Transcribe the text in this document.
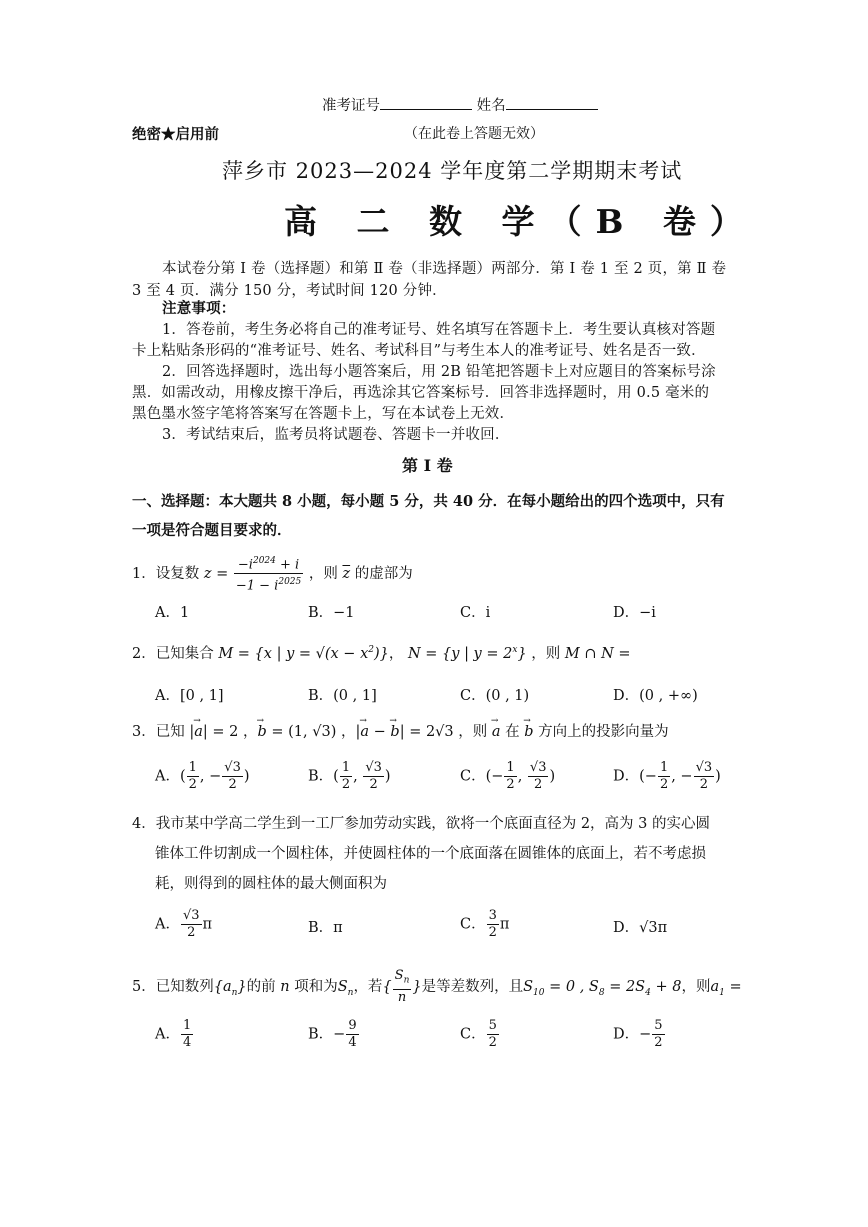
准考证号	姓名
绝密★启用前	（在此卷上答题无效）
萍乡市 2023—2024 学年度第二学期期末考试
高 二 数 学（B 卷）
本试卷分第 Ⅰ 卷（选择题）和第 Ⅱ 卷（非选择题）两部分．第 Ⅰ 卷 1 至 2 页，第 Ⅱ 卷
3 至 4 页．满分 150 分，考试时间 120 分钟．
注意事项：
1．答卷前，考生务必将自己的准考证号、姓名填写在答题卡上．考生要认真核对答题
卡上粘贴条形码的“准考证号、姓名、考试科目”与考生本人的准考证号、姓名是否一致．
2．回答选择题时，选出每小题答案后，用 2B 铅笔把答题卡上对应题目的答案标号涂
黑．如需改动，用橡皮擦干净后，再选涂其它答案标号．回答非选择题时，用 0.5 毫米的
黑色墨水签字笔将答案写在答题卡上，写在本试卷上无效．
3．考试结束后，监考员将试题卷、答题卡一并收回．
第 Ⅰ 卷
一、选择题：本大题共 8 小题，每小题 5 分，共 40 分．在每小题给出的四个选项中，只有
一项是符合题目要求的．
1．设复数 $z = \frac{-i^{2024} + i}{-1 - i^{2025}}$ ，则 $\overline{z}$ 的虚部为
A．1	B．−1	C．i	D．−i
2．已知集合 M = {x | $y = √(x - x^2)$}， N = {y | $y = 2^x$} ，则 M ∩ N =
A．[0 , 1]	B．(0 , 1]	C．(0 , 1)	D．(0 , +∞)
3．已知 |→ a| = 2 ，→ b = (1, √3) ，|→ a − → b| = 2√3 ，则 → a 在 → b 方向上的投影向量为
A．( $\frac{1}{2}$ , − $\frac{√3}{2}$ )	B．( $\frac{1}{2}$ , $\frac{√3}{2}$ )	C．(− $\frac{1}{2}$ , $\frac{√3}{2}$ )	D．(− $\frac{1}{2}$ , − $\frac{√3}{2}$ )
4．我市某中学高二学生到一工厂参加劳动实践，欲将一个底面直径为 2，高为 3 的实心圆
锥体工件切割成一个圆柱体，并使圆柱体的一个底面落在圆锥体的底面上，若不考虑损
耗，则得到的圆柱体的最大侧面积为
A． $\frac{√3}{2}$ π	B．π	C． $\frac{3}{2}$ π	D．√3π
5．已知数列$\{a_n\}$的前 n 项和为$S_n$，若{ $\frac{S_n}{n}$ }是等差数列，且$S_{10} = 0$ , $S_8 = 2S_4 + 8$，则$a_1$ =
A． $\frac{1}{4}$	B．− $\frac{9}{4}$	C． $\frac{5}{2}$	D．− $\frac{5}{2}$
